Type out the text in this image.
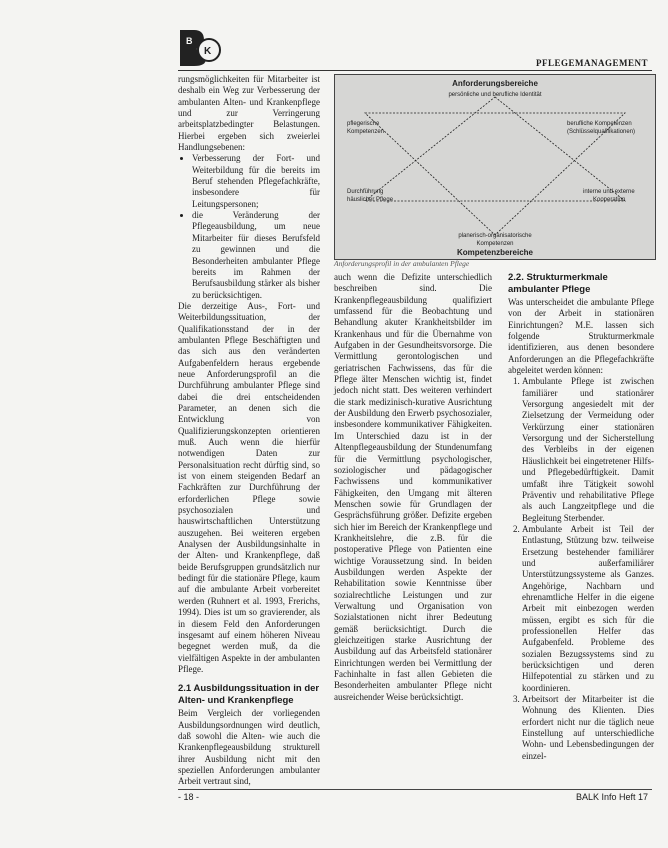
B
K
PFLEGEMANAGEMENT

rungsmöglichkeiten für Mitarbeiter ist deshalb ein Weg zur Verbesserung der ambulanten Alten- und Krankenpflege und zur Verringerung arbeitsplatzbedingter Belastungen. Hierbei ergeben sich zweierlei Handlungsebenen:

• Verbesserung der Fort- und Weiterbildung für die bereits im Beruf stehenden Pflegefachkräfte, insbesondere für Leitungspersonen;
• die Veränderung der Pflegeausbildung, um neue Mitarbeiter für dieses Berufsfeld zu gewinnen und die Besonderheiten ambulanter Pflege bereits im Rahmen der Berufsausbildung stärker als bisher zu berücksichtigen.

Die derzeitige Aus-, Fort- und Weiterbildungssituation, der Qualifikationsstand der in der ambulanten Pflege Beschäftigten und das sich aus den veränderten Aufgabenfeldern heraus ergebende neue Anforderungsprofil an die Durchführung ambulanter Pflege sind dabei die drei entscheidenden Parameter, an denen sich die Entwicklung von Qualifizierungskonzepten orientieren muß. Auch wenn die hierfür notwendigen Daten zur Personalsituation recht dürftig sind, so ist von einem steigenden Bedarf an Fachkräften zur Durchführung der erforderlichen Pflege sowie psychosozialen und hauswirtschaftlichen Unterstützung auszugehen. Bei weiteren ergeben Analysen der Ausbildungsinhalte in der Alten- und Krankenpflege, daß beide Berufsgruppen grundsätzlich nur bedingt für die stationäre Pflege, kaum auf die ambulante Arbeit vorbereitet werden (Ruhnert et al. 1993, Frerichs, 1994). Dies ist um so gravierender, als in diesem Feld den Anforderungen insgesamt auf einem höheren Niveau begegnet werden muß, da die vielfältigen Aspekte in der ambulanten Pflege.

2.1 Ausbildungssituation in der Alten- und Krankenpflege

Beim Vergleich der vorliegenden Ausbildungsordnungen wird deutlich, daß sowohl die Alten- wie auch die Krankenpflegeausbildung strukturell ihrer Ausbildung nicht mit den speziellen Anforderungen ambulanter Arbeit vertraut sind,

Anforderungsbereiche
persönliche und berufliche Identität
pflegerische
Kompetenzen
berufliche Kompetenzen
(Schlüsselqualifikationen)
Durchführung
häuslicher Pflege
interne und externe
Kooperation
planerisch-organisatorische
Kompetenzen
Kompetenzbereiche
Anforderungsprofil in der ambulanten Pflege

auch wenn die Defizite unterschiedlich beschreiben sind. Die Krankenpflegeausbildung qualifiziert umfassend für die Beobachtung und Behandlung akuter Krankheitsbilder im Krankenhaus und für die Übernahme von Aufgaben in der Gesundheitsvorsorge. Die Vermittlung gerontologischen und geriatrischen Fachwissens, das für die Pflege älter Menschen wichtig ist, findet jedoch nicht statt. Des weiteren verhindert die stark medizinisch-kurative Ausrichtung der Ausbildung den Erwerb psychosozialer, insbesondere kommunikativer Fähigkeiten. Im Unterschied dazu ist in der Altenpflegeausbildung der Stundenumfang für die Vermittlung psychologischer, soziologischer und pädagogischer Fachwissens und kommunikativer Fähigkeiten, den Umgang mit älteren Menschen sowie für Grundlagen der Gesprächsführung größer. Defizite ergeben sich hier im Bereich der Krankenpflege und Krankheitslehre, die z.B. für die postoperative Pflege von Patienten eine wichtige Voraussetzung sind. In beiden Ausbildungen werden Aspekte der Rehabilitation sowie Kenntnisse über sozialrechtliche Leistungen und zur Verwaltung und Organisation von Sozialstationen nicht ihrer Bedeutung gemäß berücksichtigt. Durch die gleichzeitigen starke Ausrichtung der Ausbildung auf das Arbeitsfeld stationärer Einrichtungen werden bei Vermittlung der Fachinhalte in fast allen Gebieten die Besonderheiten ambulanter Pflege nicht ausreichender Weise berücksichtigt.

2.2. Strukturmerkmale ambulanter Pflege

Was unterscheidet die ambulante Pflege von der Arbeit in stationären Einrichtungen? M.E. lassen sich folgende Strukturmerkmale identifizieren, aus denen besondere Anforderungen an die Pflegefachkräfte abgeleitet werden können:

1. Ambulante Pflege ist zwischen familiärer und stationärer Versorgung angesiedelt mit der Zielsetzung der Vermeidung oder Verkürzung einer stationären Versorgung und der Sicherstellung des Verbleibs in der eigenen Häuslichkeit bei eingetretener Hilfs- und Pflegebedürftigkeit. Damit umfaßt ihre Tätigkeit sowohl Präventiv und rehabilitative Pflege als auch Langzeitpflege und die Begleitung Sterbender.
2. Ambulante Arbeit ist Teil der Entlastung, Stützung bzw. teilweise Ersetzung bestehender familiärer und außerfamiliärer Unterstützungssysteme als Ganzes. Angehörige, Nachbarn und ehrenamtliche Helfer in die eigene Arbeit mit einbezogen werden müssen, ergibt es sich für die professionellen Helfer das Aufgabenfeld. Probleme des sozialen Bezugssystems sind zu berücksichtigen und deren Hilfepotential zu stärken und zu koordinieren.
3. Arbeitsort der Mitarbeiter ist die Wohnung des Klienten. Dies erfordert nicht nur die täglich neue Einstellung auf unterschiedliche Wohn- und Lebensbedingungen der einzel-
- 18 -	BALK Info Heft 17
